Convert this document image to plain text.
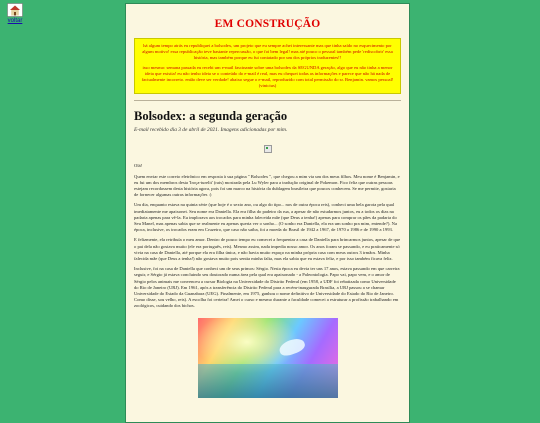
voltar	EM CONSTRUÇÃO

há algum tempo atrás eu republiquei a bolsodex, um projeto que eu sempre achei interessante mas que tinha saído no esquecimento por algum motivo! essa republicação teve bastante repercussão, o que foi bem legal! mas até pouco o pessoal também pede 'rediscobrir' essa história, mas também porque eu fui contatado por um dos próprios traduzentes!!

isso mesmo: semana passada eu recebi um e-mail fascinante sobre uma bolsodex da SEGUNDA geração, algo que eu não tinha a menor ideia que existia! eu não tenho ideia se o conteúdo do e-mail é real, mas eu chequei todas as informações e parece que não há nada de factualmente incorreto. então deve ser verdade! abaixo segue o e-mail, reproduzido com total permissão do sr. Benjamin. vamos pessoal! (vinicius)

Bolsodex: a segunda geração
E-mail recebido dia 3 de abril de 2021. Imagens adicionadas por mim.

Olá!

Quem enviar este correio eletrônico em resposta à sua página " Bolsodex ", que chegou a mim via um dos meus filhos. Meu nome é Benjamin, e eu fui um dos membros desta 'Iroça-turelit' (rais) mostrada pela Lu Wyler para a tradução original de Pokemon. Fico feliz que outras pessoas estejam recordassem desta história agora, pois foi um marco na história da dublagem brasileira que poucos conhecem. Se me permite, gostaria de fornecer algumas outras informações :)

Um dia, enquanto estava na quinta série (que hoje é o sexto ano, ou algo do tipo... nos de outra época reis), conheci uma bela garota pela qual imediatamente me apaixonei. Seu nome era Daniella. Ela era filha do padeiro da rua, a apesar de não estudarmos juntos, eu a todos os dias na padaria apenas para vê-la. Eu implorava aos trocados para minha faleceida mãe (que Deus a tenha!) apenas para comprar os pães da padaria do Seu Manel, mas apenas sabia que se realmente eu apenas queria ver o sonho... (O sonho era Daniella, ela era um sonho pra mim, entende?). Na época, inclusive, os trocados eram em Cruzeiro, que caso não saiba, foi a moeda do Brasil de 1942 a 1967, de 1970 a 1986 e de 1990 a 1993.

E felizmente, ela retribuía o meu amor. Dentro de pouco tempo eu comecei a frequentar a casa de Daniella para brincarmos juntos, apesar de que o pai dela não gostava muito (ele era português, reis). Mesmo assim, nada impedia nosso amor. Os anos foram se passando, e eu praticamente só vivia na casa de Daniella, até porque ela era filha única, e não havia muito espaço na minha própria casa com meus outros 3 irmãos. Minha falecida mãe (que Deus a tenha!) não gostava muito pois sentia minha falta, mas ela sabia que eu estava feliz, e por isso também ficava feliz.

Inclusive, foi na casa de Daniella que conheci um de seus primos: Sérgio. Nesta época eu devia ter uns 17 anos, estava passando em que carreira seguir, e Sérgio já estava concluindo seu doutorado numa área pela qual era apaixonado - a Paleontologia. Papo vai, papo vem, e o amor de Sérgio pelos animais me convenceu a cursar Biologia na Universidade do Distrito Federal (em 1958, a UDF foi rebatizada como Universidade do Rio de Janeiro (URJ). Em 1961, após a transferência do Distrito Federal para a recém-inaugurada Brasília, a URJ passou a se chamar Universidade do Estado da Guanabara (UEG). Finalmente, em 1975, ganhou o nome definitivo de Universidade do Estado do Rio de Janeiro. Como disse, sou velho, reis). A escolha foi certeira! Amei o curso e mesmo durante a faculdade comecei a estruturar a profissão trabalhando em zoológicos, cuidando dos bichos.
